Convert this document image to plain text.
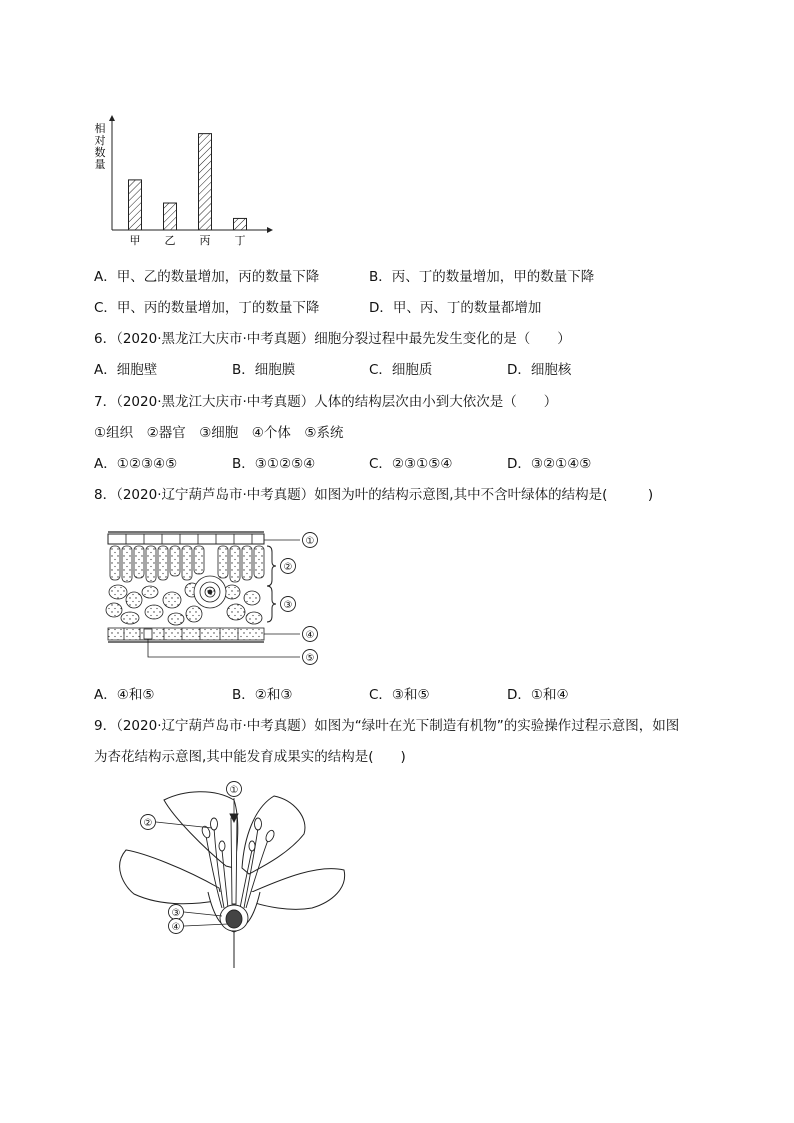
相
对
数
量
甲 乙 丙 丁
A．甲、乙的数量增加，丙的数量下降	B．丙、丁的数量增加，甲的数量下降
C．甲、丙的数量增加，丁的数量下降	D．甲、丙、丁的数量都增加
6．（2020·黑龙江大庆市·中考真题）细胞分裂过程中最先发生变化的是（　　）
A．细胞壁	B．细胞膜	C．细胞质	D．细胞核
7．（2020·黑龙江大庆市·中考真题）人体的结构层次由小到大依次是（　　）
①组织　②器官　③细胞　④个体　⑤系统
A．①②③④⑤	B．③①②⑤④	C．②③①⑤④	D．③②①④⑤
8．（2020·辽宁葫芦岛市·中考真题）如图为叶的结构示意图,其中不含叶绿体的结构是(　　　)
①
②
③
④
⑤
A．④和⑤	B．②和③	C．③和⑤	D．①和④
9．（2020·辽宁葫芦岛市·中考真题）如图为“绿叶在光下制造有机物”的实验操作过程示意图，如图
为杏花结构示意图,其中能发育成果实的结构是(　　)
①
②
③
④
